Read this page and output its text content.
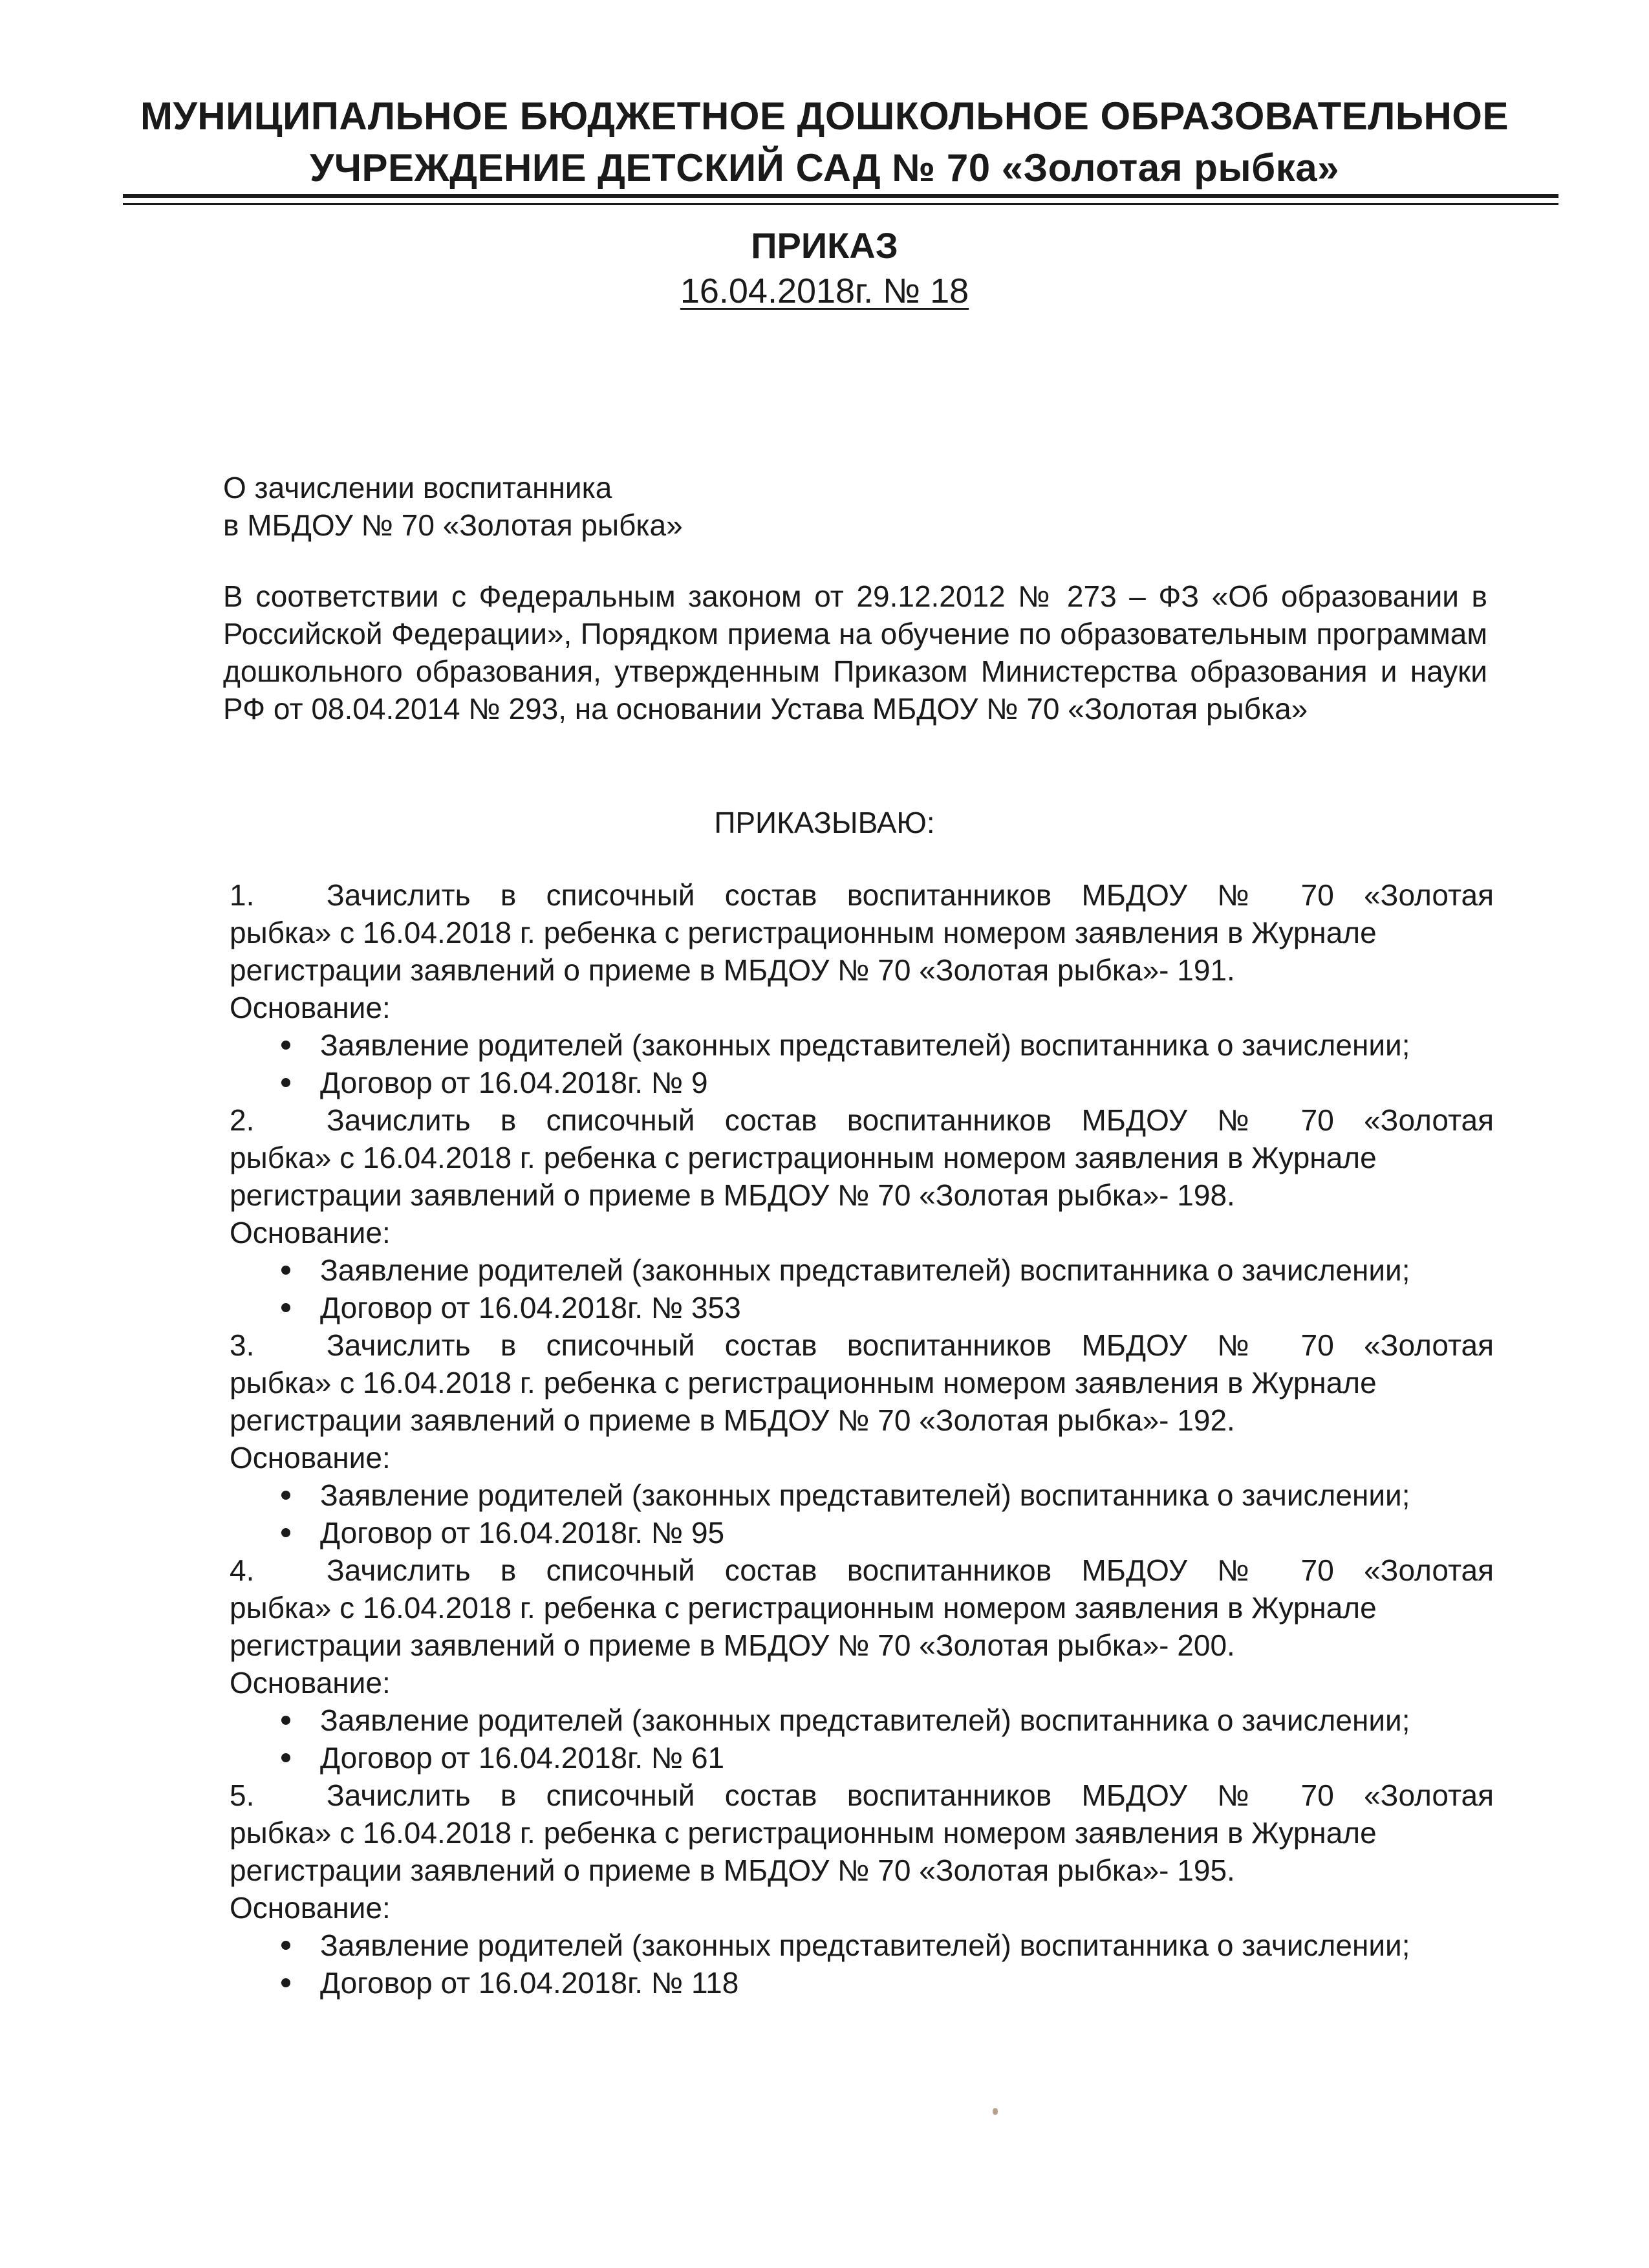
МУНИЦИПАЛЬНОЕ БЮДЖЕТНОЕ ДОШКОЛЬНОЕ ОБРАЗОВАТЕЛЬНОЕ
УЧРЕЖДЕНИЕ ДЕТСКИЙ САД № 70 «Золотая рыбка»
ПРИКАЗ
16.04.2018г. № 18
О зачислении воспитанника
в МБДОУ № 70 «Золотая рыбка»
В соответствии с Федеральным законом от 29.12.2012 № 273 – ФЗ «Об образовании в Российской Федерации», Порядком приема на обучение по образовательным программам дошкольного образования, утвержденным Приказом Министерства образования и науки РФ от 08.04.2014 № 293, на основании Устава МБДОУ № 70 «Золотая рыбка»
ПРИКАЗЫВАЮ:
1.	Зачислить в списочный состав воспитанников МБДОУ № 70 «Золотая
рыбка» с 16.04.2018 г. ребенка с регистрационным номером заявления в Журнале
регистрации заявлений о приеме в МБДОУ № 70 «Золотая рыбка»- 191.
Основание:
Заявление родителей (законных представителей) воспитанника о зачислении;
Договор от 16.04.2018г. № 9
2.	Зачислить в списочный состав воспитанников МБДОУ № 70 «Золотая
рыбка» с 16.04.2018 г. ребенка с регистрационным номером заявления в Журнале
регистрации заявлений о приеме в МБДОУ № 70 «Золотая рыбка»- 198.
Основание:
Заявление родителей (законных представителей) воспитанника о зачислении;
Договор от 16.04.2018г. № 353
3.	Зачислить в списочный состав воспитанников МБДОУ № 70 «Золотая
рыбка» с 16.04.2018 г. ребенка с регистрационным номером заявления в Журнале
регистрации заявлений о приеме в МБДОУ № 70 «Золотая рыбка»- 192.
Основание:
Заявление родителей (законных представителей) воспитанника о зачислении;
Договор от 16.04.2018г. № 95
4.	Зачислить в списочный состав воспитанников МБДОУ № 70 «Золотая
рыбка» с 16.04.2018 г. ребенка с регистрационным номером заявления в Журнале
регистрации заявлений о приеме в МБДОУ № 70 «Золотая рыбка»- 200.
Основание:
Заявление родителей (законных представителей) воспитанника о зачислении;
Договор от 16.04.2018г. № 61
5.	Зачислить в списочный состав воспитанников МБДОУ № 70 «Золотая
рыбка» с 16.04.2018 г. ребенка с регистрационным номером заявления в Журнале
регистрации заявлений о приеме в МБДОУ № 70 «Золотая рыбка»- 195.
Основание:
Заявление родителей (законных представителей) воспитанника о зачислении;
Договор от 16.04.2018г. № 118
